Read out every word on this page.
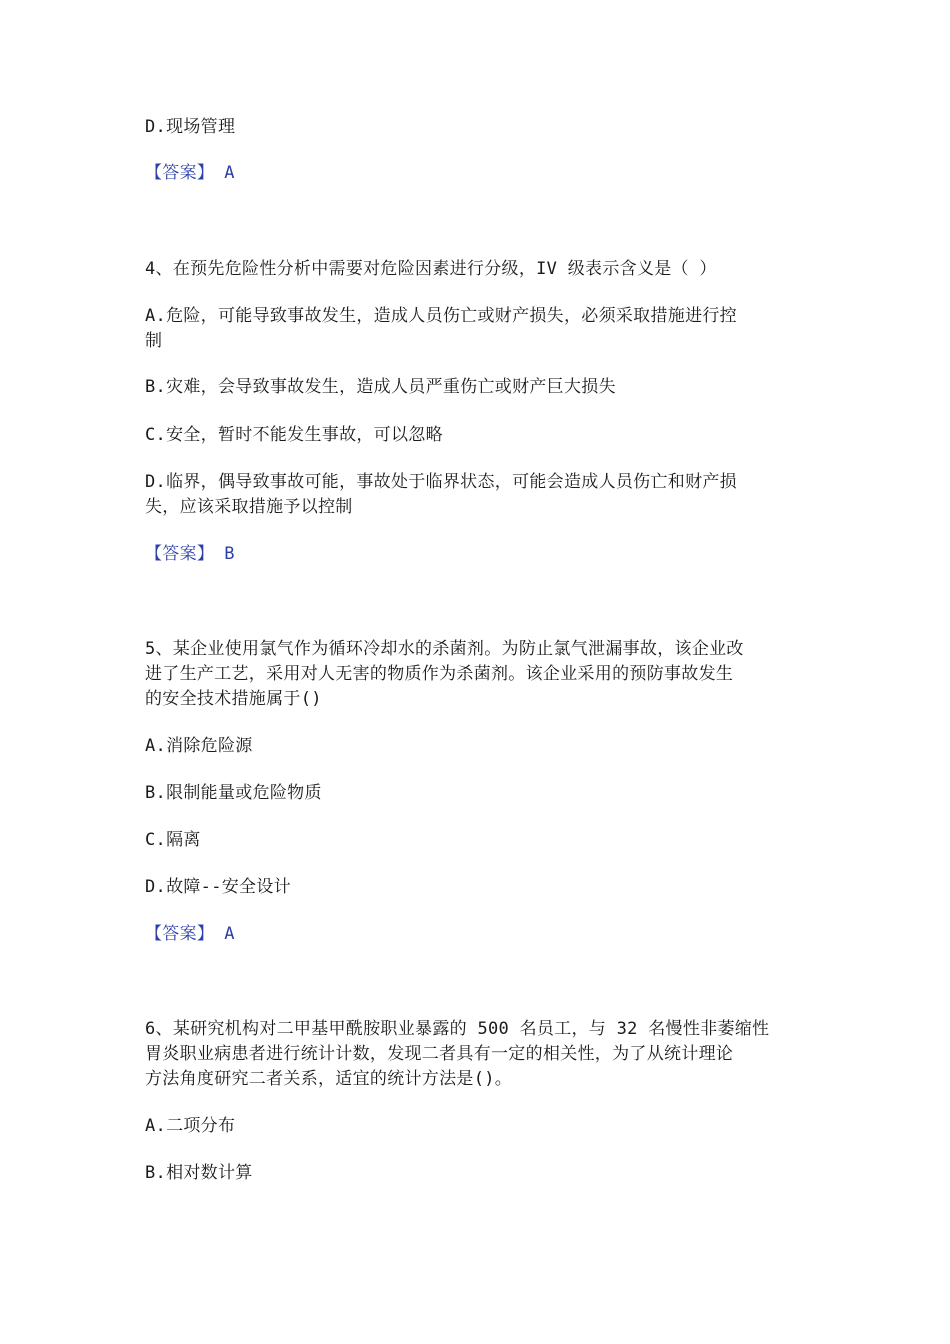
D.现场管理
【答案】 A
4、在预先危险性分析中需要对危险因素进行分级，IV 级表示含义是（ ）
A.危险，可能导致事故发生，造成人员伤亡或财产损失，必须采取措施进行控
制
B.灾难，会导致事故发生，造成人员严重伤亡或财产巨大损失
C.安全，暂时不能发生事故，可以忽略
D.临界，偶导致事故可能，事故处于临界状态，可能会造成人员伤亡和财产损
失，应该采取措施予以控制
【答案】 B
5、某企业使用氯气作为循环冷却水的杀菌剂。为防止氯气泄漏事故，该企业改
进了生产工艺，采用对人无害的物质作为杀菌剂。该企业采用的预防事故发生
的安全技术措施属于()
A.消除危险源
B.限制能量或危险物质
C.隔离
D.故障--安全设计
【答案】 A
6、某研究机构对二甲基甲酰胺职业暴露的 500 名员工，与 32 名慢性非萎缩性
胃炎职业病患者进行统计计数，发现二者具有一定的相关性，为了从统计理论
方法角度研究二者关系，适宜的统计方法是()。
A.二项分布
B.相对数计算
